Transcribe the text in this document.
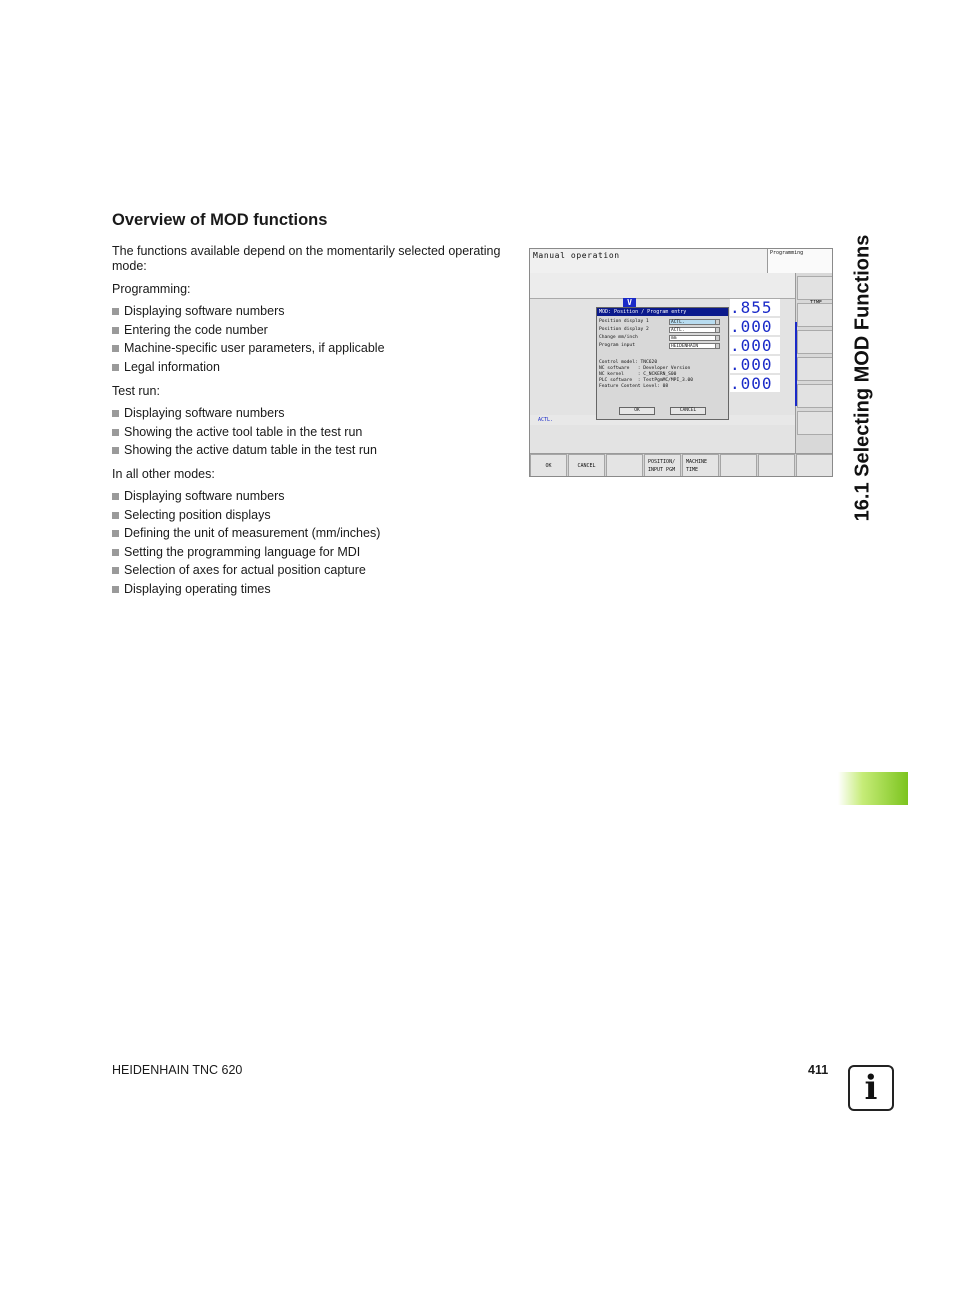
16.1 Selecting MOD Functions
Overview of MOD functions
The functions available depend on the momentarily selected operating mode:
Programming:
Displaying software numbers
Entering the code number
Machine-specific user parameters, if applicable
Legal information
Test run:
Displaying software numbers
Showing the active tool table in the test run
Showing the active datum table in the test run
In all other modes:
Displaying software numbers
Selecting position displays
Defining the unit of measurement (mm/inches)
Setting the programming language for MDI
Selection of axes for actual position capture
Displaying operating times
Manual operation	Programming
V	.855
.000
.000
.000
.000
ACTL.
MOD: Position / Program entry
Position display 1	ACTL.
Position display 2	ACTL.
Change mm/inch	mm
Program input	HEIDENHAIN
Control model: TNC620
NC software   : Developer Version
NC kernel     : C_NCKERN_S00
PLC software  : TestPgmMC/MPI_3.00
Feature Content Level: 08
OK	CANCEL
OK	CANCEL
POSITION/
INPUT PGM
MACHINE
TIME
HEIDENHAIN TNC 620	411	i
